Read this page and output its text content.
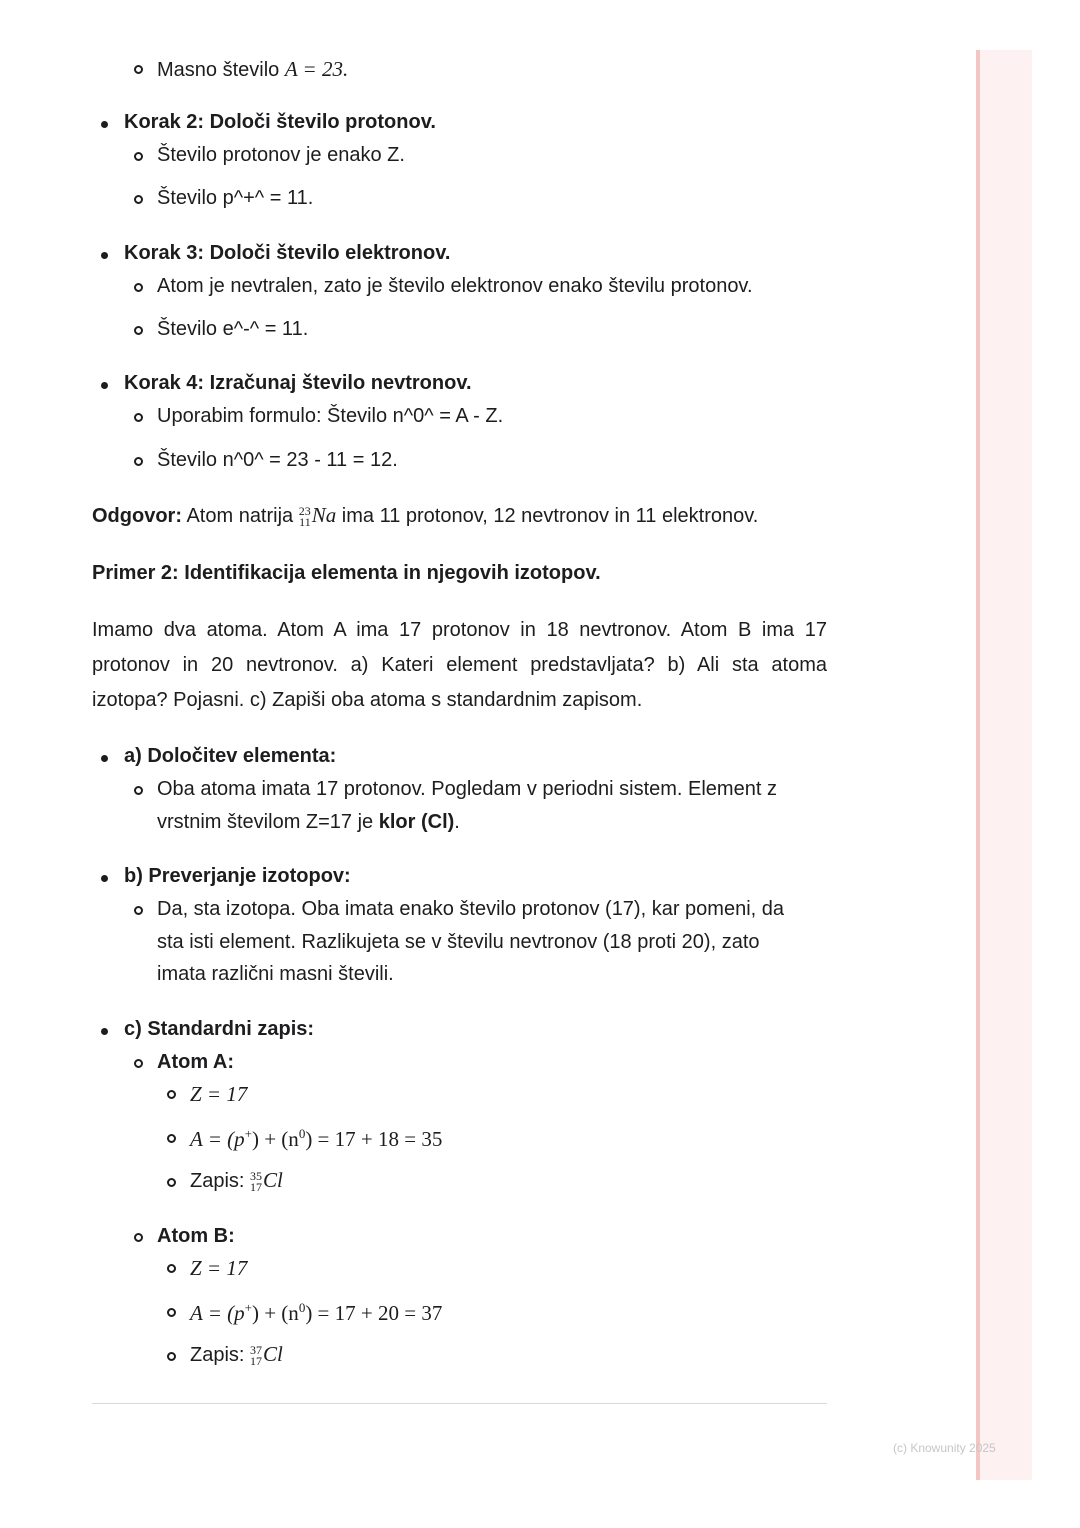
Masno število A = 23.
Korak 2: Določi število protonov.
Število protonov je enako Z.
Število p^+^ = 11.
Korak 3: Določi število elektronov.
Atom je nevtralen, zato je število elektronov enako številu protonov.
Število e^-^ = 11.
Korak 4: Izračunaj število nevtronov.
Uporabim formulo: Število n^0^ = A - Z.
Število n^0^ = 23 - 11 = 12.
Odgovor: Atom natrija 23
11 Na ima 11 protonov, 12 nevtronov in 11 elektronov.
Primer 2: Identifikacija elementa in njegovih izotopov.
Imamo dva atoma. Atom A ima 17 protonov in 18 nevtronov. Atom B ima 17 protonov in 20 nevtronov. a) Kateri element predstavljata? b) Ali sta atoma izotopa? Pojasni. c) Zapiši oba atoma s standardnim zapisom.
a) Določitev elementa:
Oba atoma imata 17 protonov. Pogledam v periodni sistem. Element z
vrstnim številom Z=17 je klor (Cl).
b) Preverjanje izotopov:
Da, sta izotopa. Oba imata enako število protonov (17), kar pomeni, da
sta isti element. Razlikujeta se v številu nevtronov (18 proti 20), zato
imata različni masni števili.
c) Standardni zapis:
Atom A:
Z = 17
$A = (p^+) + (n^0) = 17 + 18 = 35$
Zapis: 35
17 Cl
Atom B:
Z = 17
$A = (p^+) + (n^0) = 17 + 20 = 37$
Zapis: 37
17 Cl
(c) Knowunity 2025
